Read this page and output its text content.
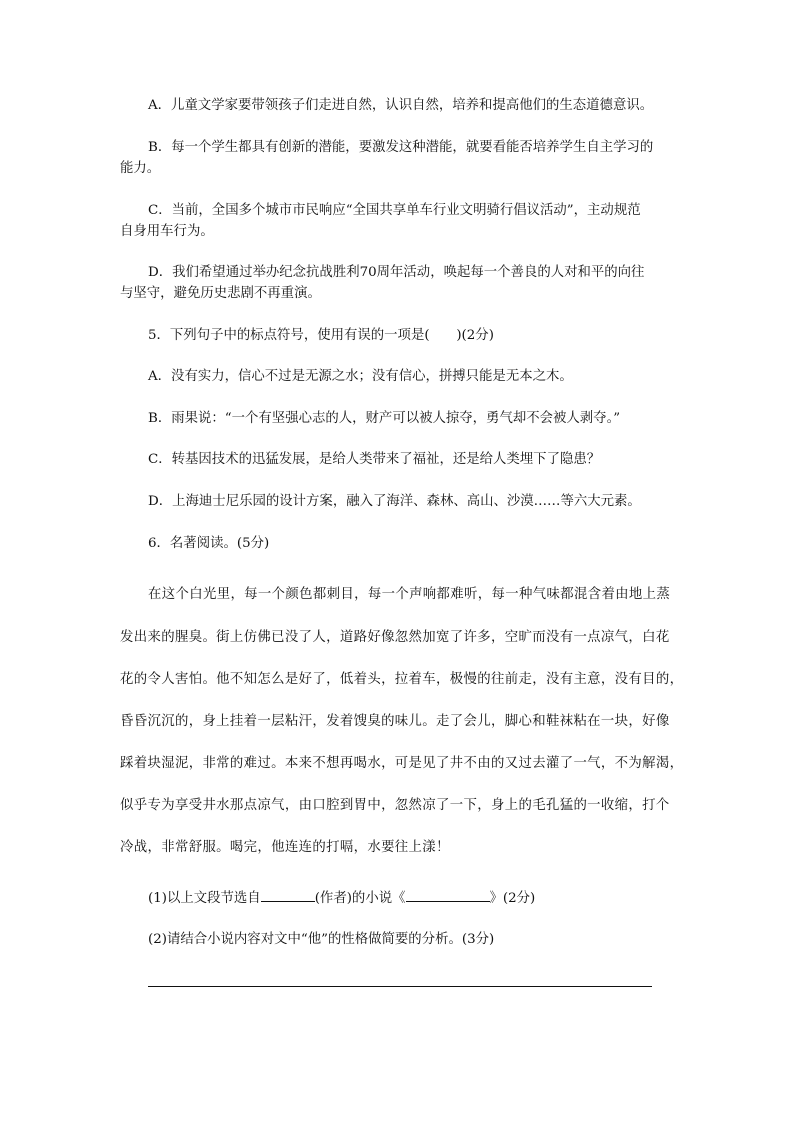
A．儿童文学家要带领孩子们走进自然，认识自然，培养和提高他们的生态道德意识。
B．每一个学生都具有创新的潜能，要激发这种潜能，就要看能否培养学生自主学习的
能力。
C．当前，全国多个城市市民响应“全国共享单车行业文明骑行倡议活动”，主动规范
自身用车行为。
D．我们希望通过举办纪念抗战胜利70周年活动，唤起每一个善良的人对和平的向往
与坚守，避免历史悲剧不再重演。
5．下列句子中的标点符号，使用有误的一项是(　　)(2分)
A．没有实力，信心不过是无源之水；没有信心，拼搏只能是无本之木。
B．雨果说：“一个有坚强心志的人，财产可以被人掠夺，勇气却不会被人剥夺。”
C．转基因技术的迅猛发展，是给人类带来了福祉，还是给人类埋下了隐患？
D．上海迪士尼乐园的设计方案，融入了海洋、森林、高山、沙漠……等六大元素。
6．名著阅读。(5分)
在这个白光里，每一个颜色都刺目，每一个声响都难听，每一种气味都混含着由地上蒸
发出来的腥臭。街上仿佛已没了人，道路好像忽然加宽了许多，空旷而没有一点凉气，白花
花的令人害怕。他不知怎么是好了，低着头，拉着车，极慢的往前走，没有主意，没有目的，
昏昏沉沉的，身上挂着一层粘汗，发着馊臭的味儿。走了会儿，脚心和鞋袜粘在一块，好像
踩着块湿泥，非常的难过。本来不想再喝水，可是见了井不由的又过去灌了一气，不为解渴，
似乎专为享受井水那点凉气，由口腔到胃中，忽然凉了一下，身上的毛孔猛的一收缩，打个
冷战，非常舒服。喝完，他连连的打嗝，水要往上漾！
(1)以上文段节选自	(作者)的小说《	》(2分)
(2)请结合小说内容对文中“他”的性格做简要的分析。(3分)
